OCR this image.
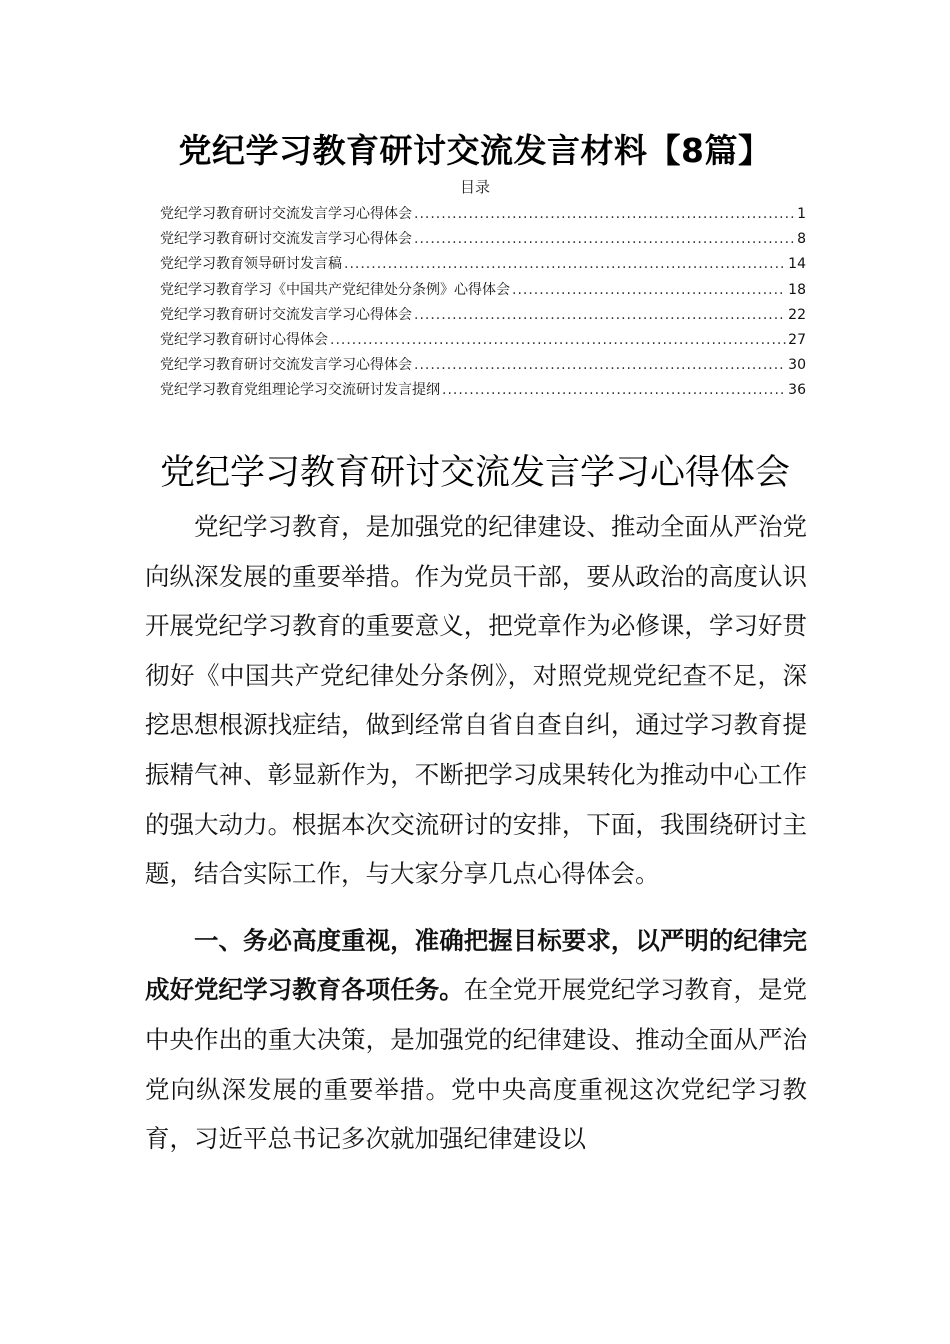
党纪学习教育研讨交流发言材料【8篇】
目录
党纪学习教育研讨交流发言学习心得体会 .....	1
党纪学习教育研讨交流发言学习心得体会 .....	8
党纪学习教育领导研讨发言稿 .....	14
党纪学习教育学习《中国共产党纪律处分条例》心得体会 .....	18
党纪学习教育研讨交流发言学习心得体会 .....	22
党纪学习教育研讨心得体会 .....	27
党纪学习教育研讨交流发言学习心得体会 .....	30
党纪学习教育党组理论学习交流研讨发言提纲 .....	36
党纪学习教育研讨交流发言学习心得体会

党纪学习教育，是加强党的纪律建设、推动全面从严治党向纵深发展的重要举措。作为党员干部，要从政治的高度认识开展党纪学习教育的重要意义，把党章作为必修课，学习好贯彻好《中国共产党纪律处分条例》，对照党规党纪查不足，深挖思想根源找症结，做到经常自省自查自纠，通过学习教育提振精气神、彰显新作为，不断把学习成果转化为推动中心工作的强大动力。根据本次交流研讨的安排，下面，我围绕研讨主题，结合实际工作，与大家分享几点心得体会。

一、务必高度重视，准确把握目标要求，以严明的纪律完成好党纪学习教育各项任务。在全党开展党纪学习教育，是党中央作出的重大决策，是加强党的纪律建设、推动全面从严治党向纵深发展的重要举措。党中央高度重视这次党纪学习教育，习近平总书记多次就加强纪律建设以
